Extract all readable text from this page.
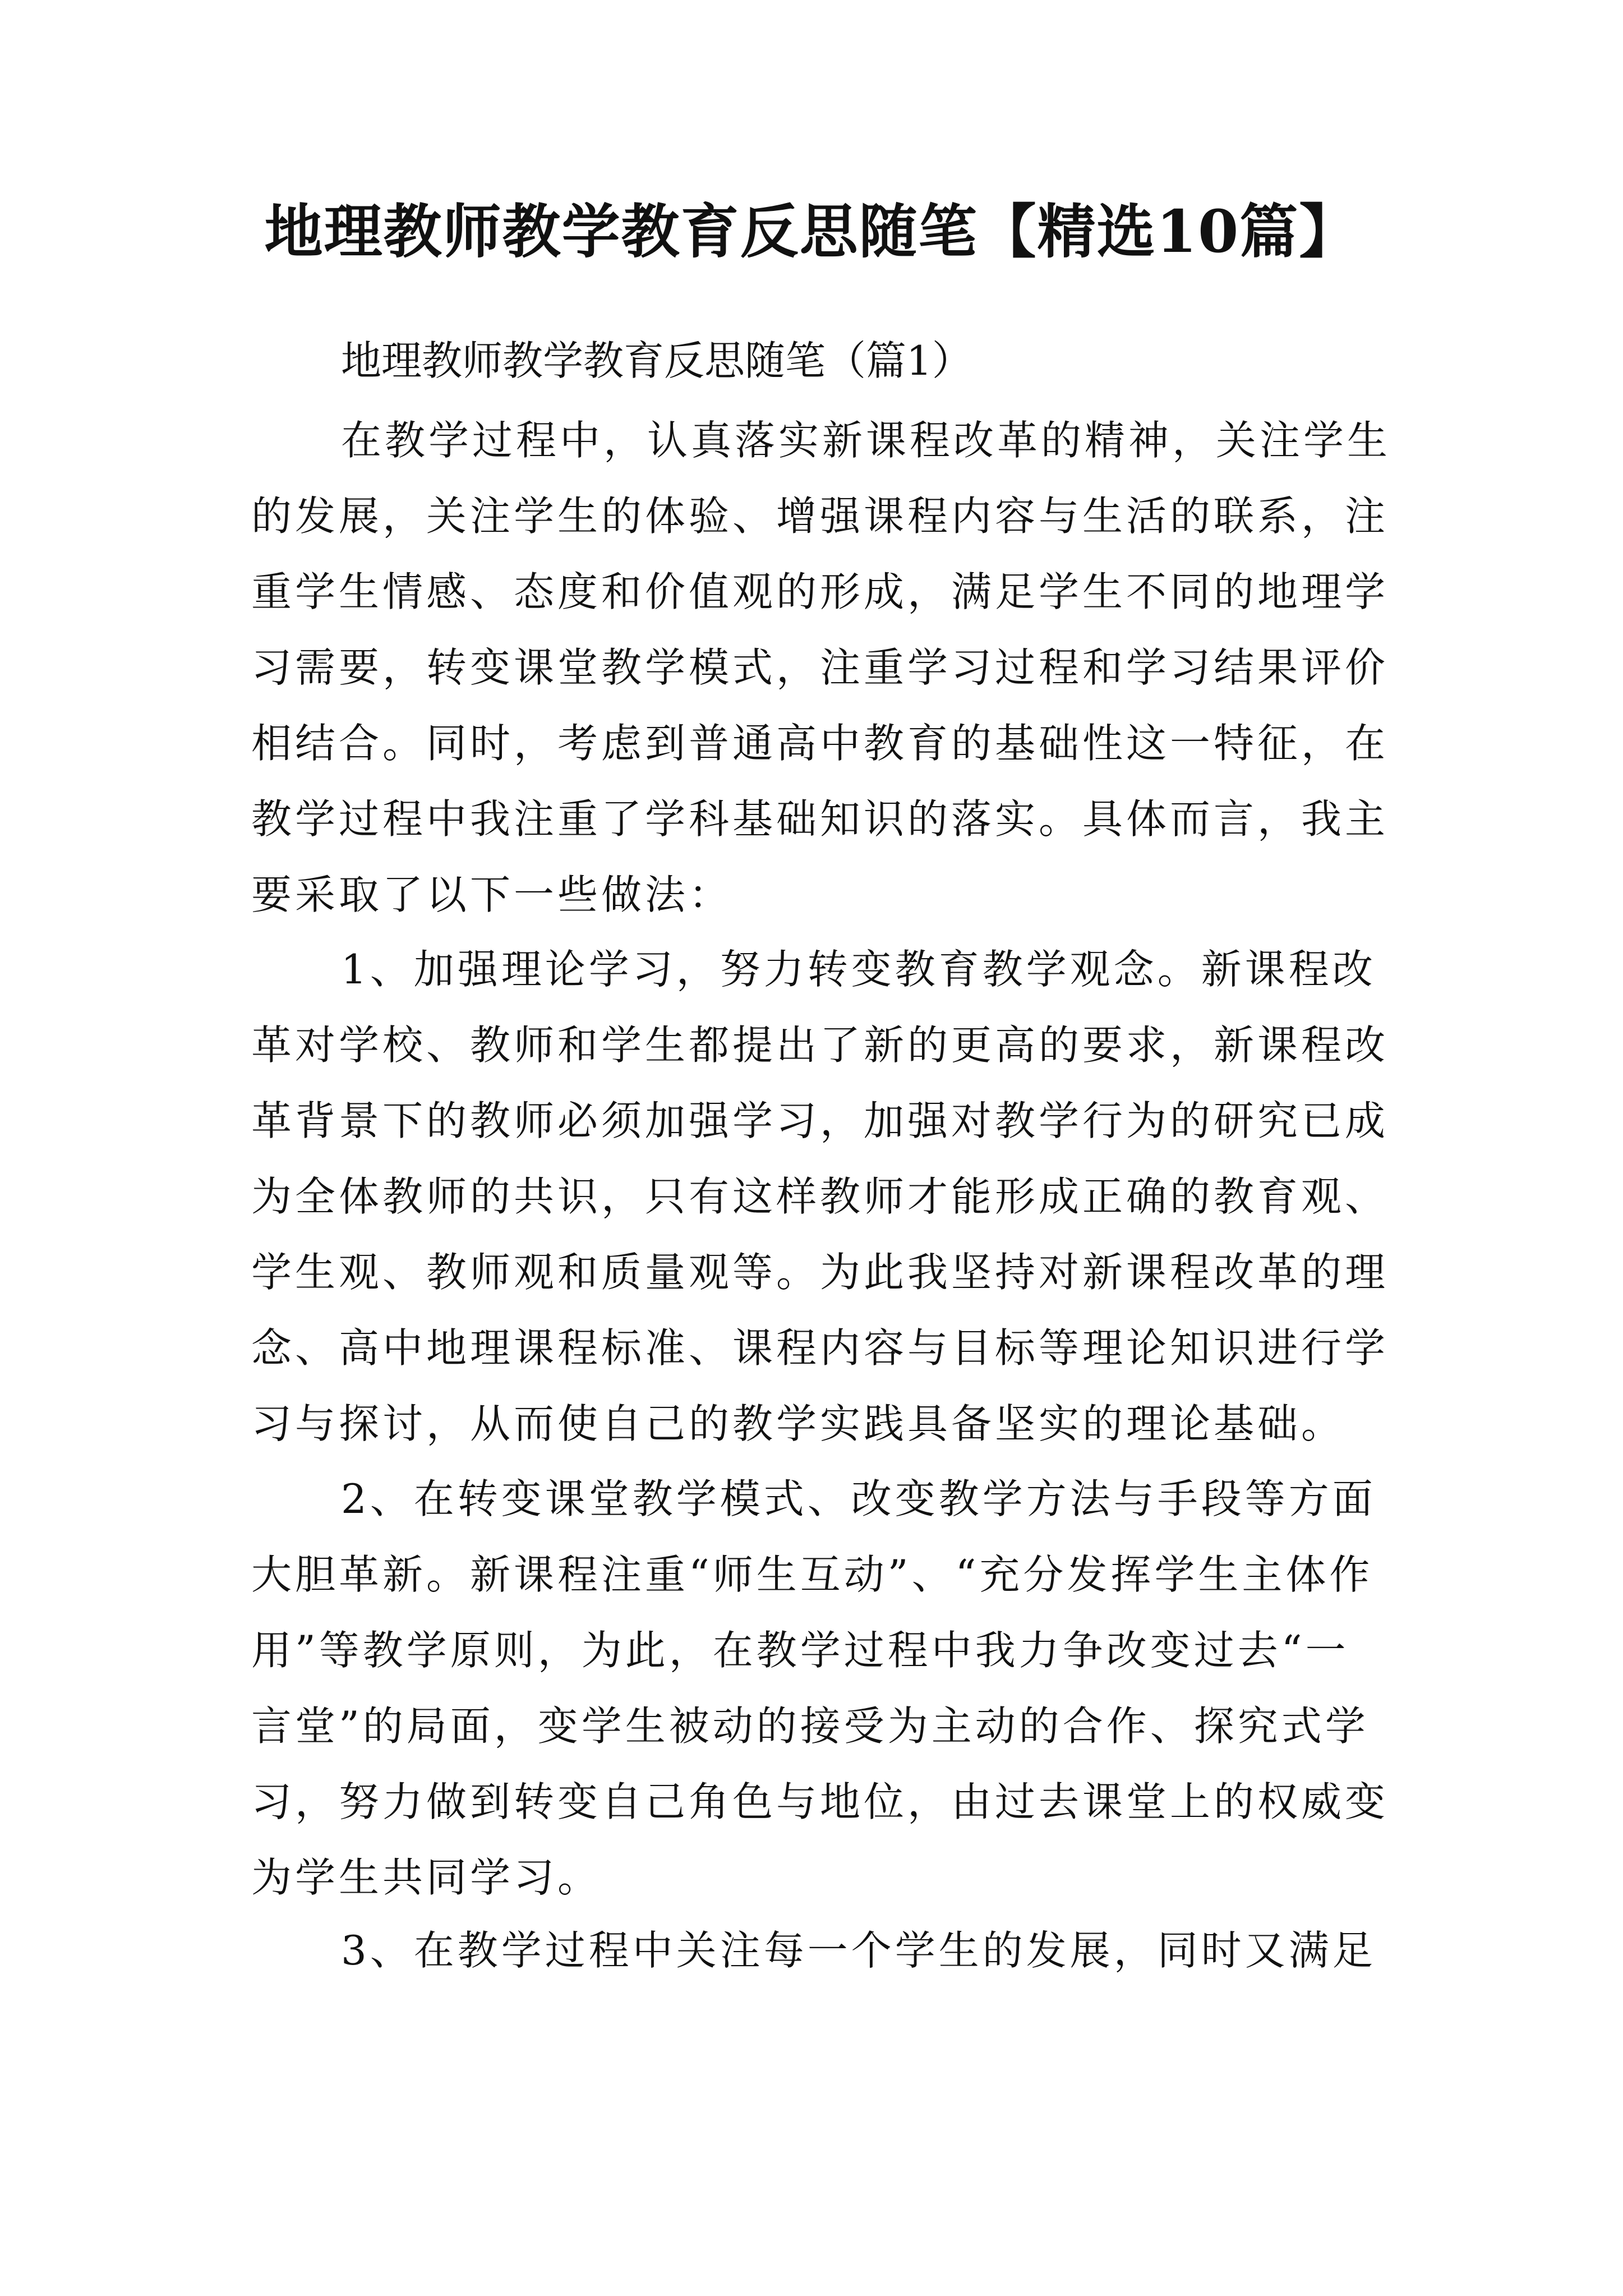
地理教师教学教育反思随笔【精选10篇】

地理教师教学教育反思随笔（篇1）

在教学过程中，认真落实新课程改革的精神，关注学生
的发展，关注学生的体验、增强课程内容与生活的联系，注
重学生情感、态度和价值观的形成，满足学生不同的地理学
习需要，转变课堂教学模式，注重学习过程和学习结果评价
相结合。同时，考虑到普通高中教育的基础性这一特征，在
教学过程中我注重了学科基础知识的落实。具体而言，我主
要采取了以下一些做法：
1、加强理论学习，努力转变教育教学观念。新课程改
革对学校、教师和学生都提出了新的更高的要求，新课程改
革背景下的教师必须加强学习，加强对教学行为的研究已成
为全体教师的共识，只有这样教师才能形成正确的教育观、
学生观、教师观和质量观等。为此我坚持对新课程改革的理
念、高中地理课程标准、课程内容与目标等理论知识进行学
习与探讨，从而使自己的教学实践具备坚实的理论基础。
2、在转变课堂教学模式、改变教学方法与手段等方面
大胆革新。新课程注重“师生互动”、“充分发挥学生主体作
用”等教学原则，为此，在教学过程中我力争改变过去“一
言堂”的局面，变学生被动的接受为主动的合作、探究式学
习，努力做到转变自己角色与地位，由过去课堂上的权威变
为学生共同学习。
3、在教学过程中关注每一个学生的发展，同时又满足
